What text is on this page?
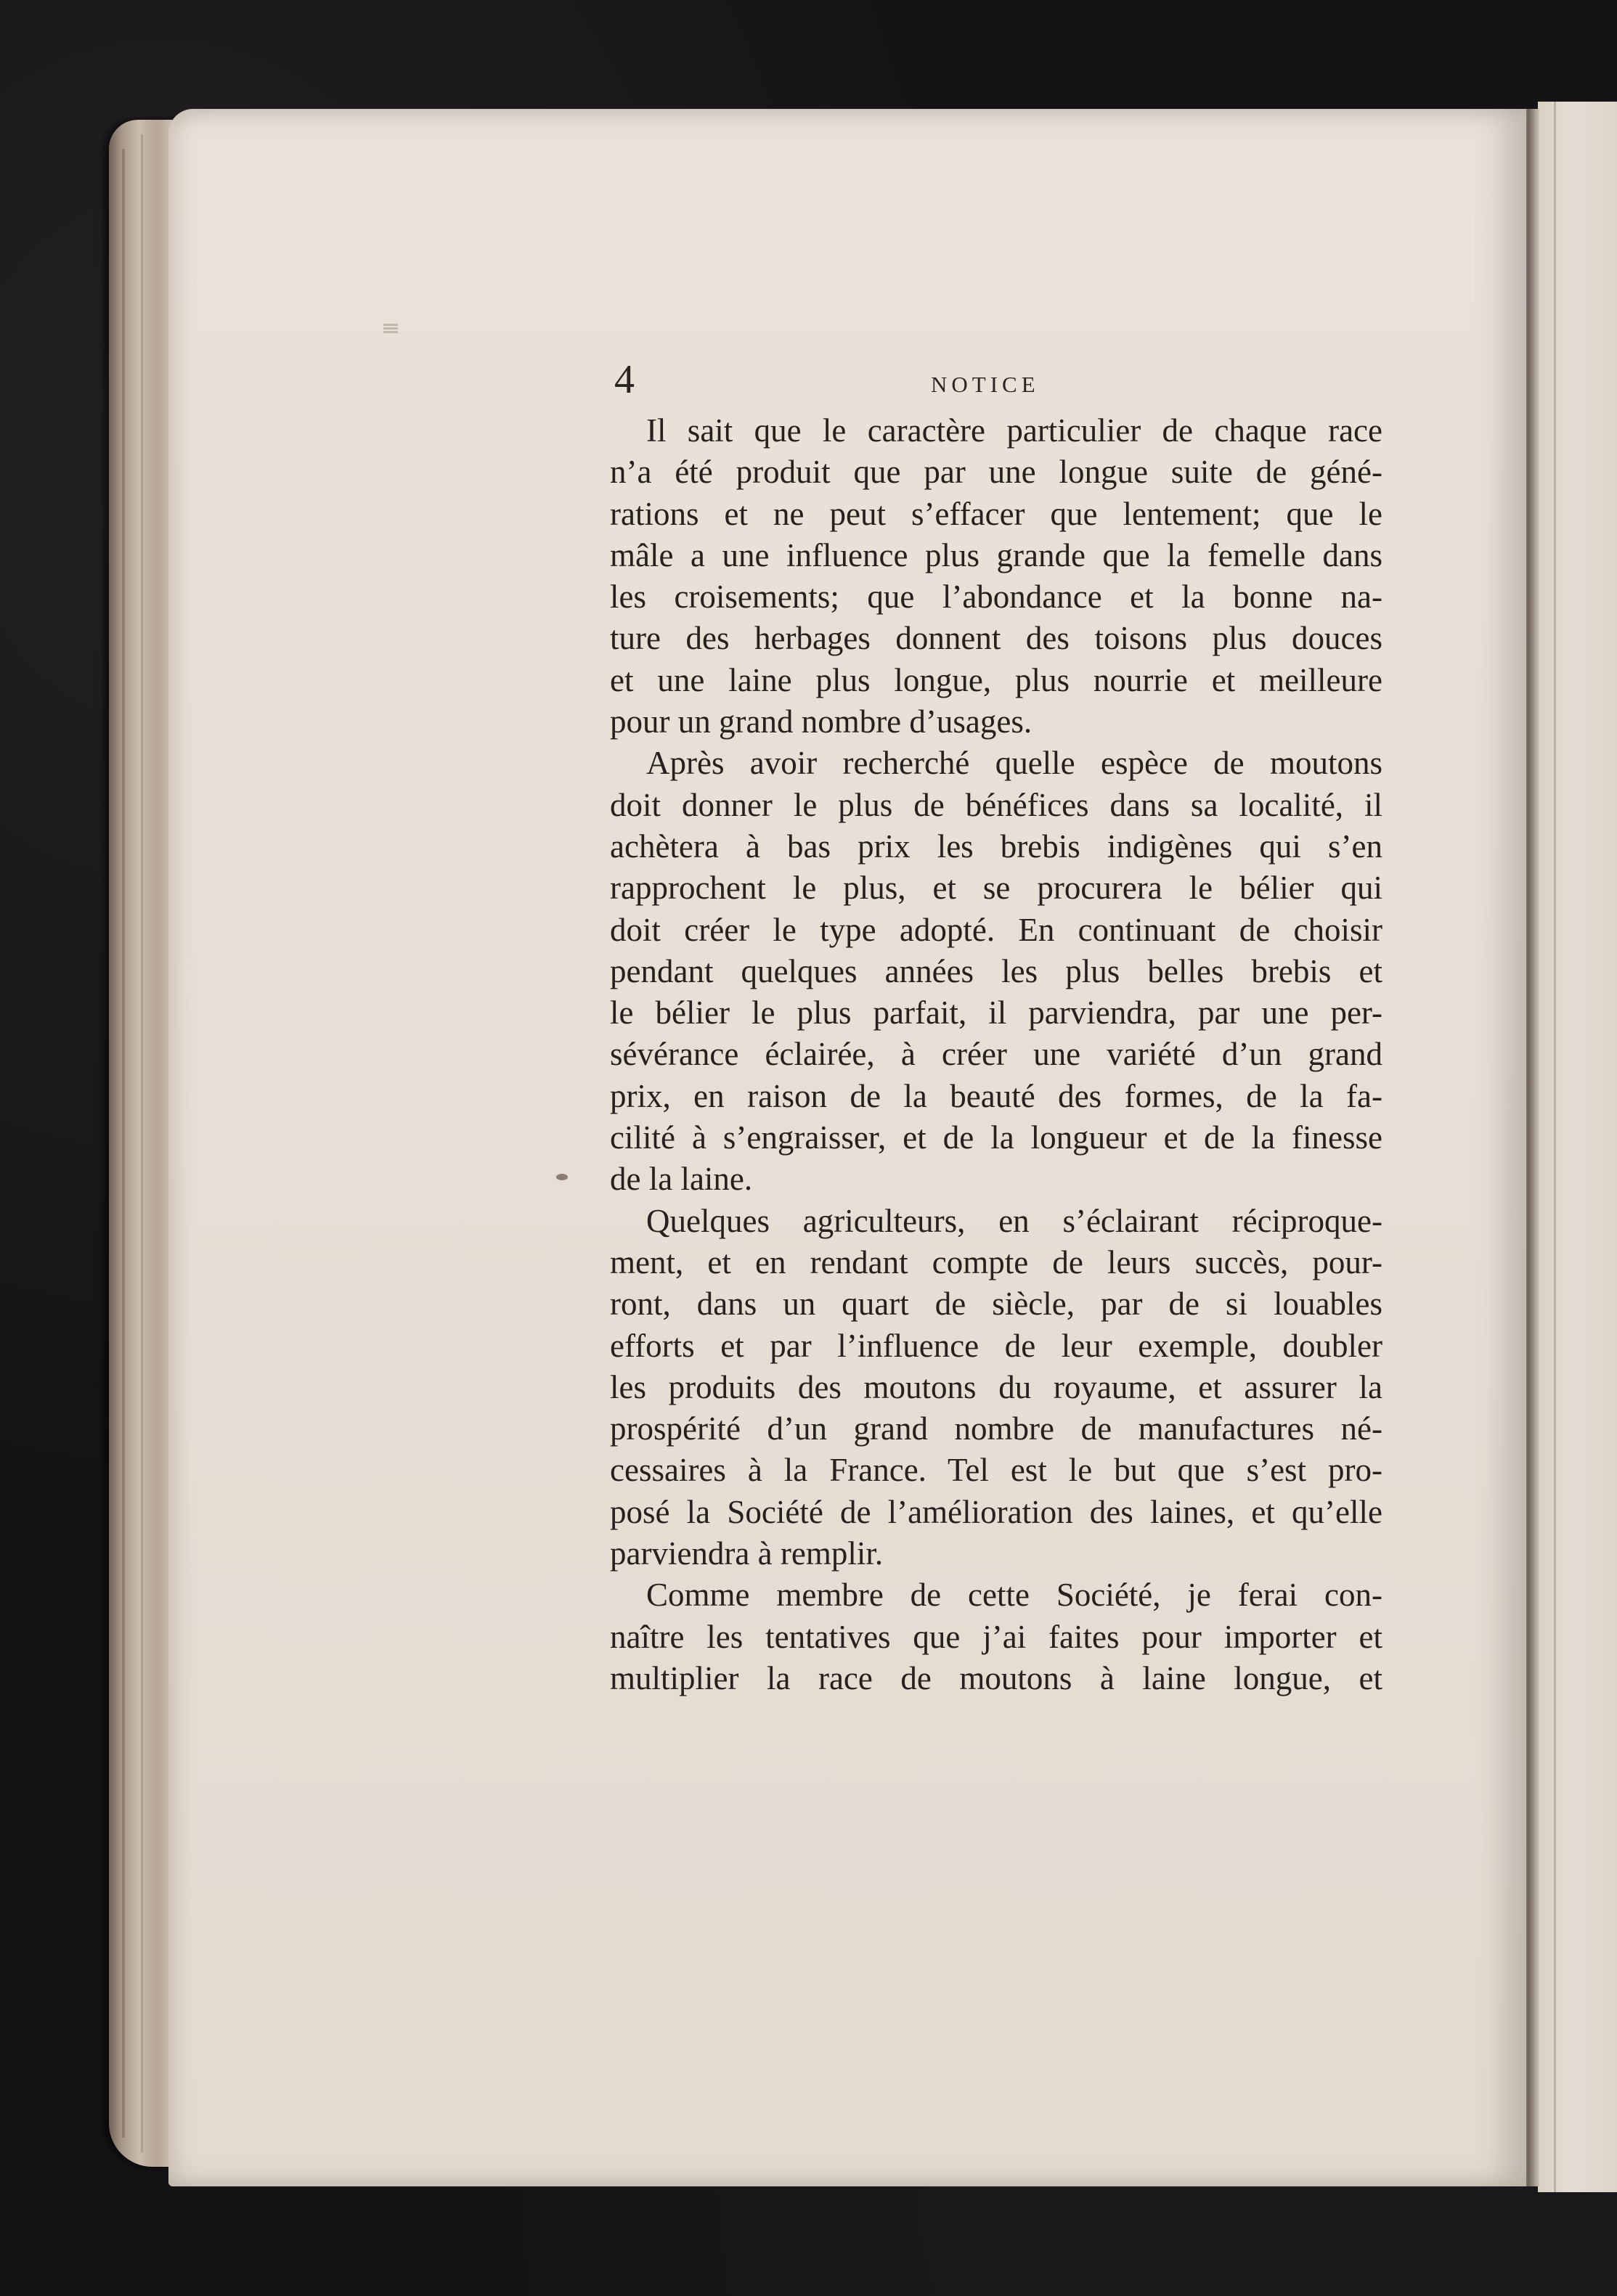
4	NOTICE
Il sait que le caractère particulier de chaque race
n’a été produit que par une longue suite de géné-
rations et ne peut s’effacer que lentement; que le
mâle a une influence plus grande que la femelle dans
les croisements; que l’abondance et la bonne na-
ture des herbages donnent des toisons plus douces
et une laine plus longue, plus nourrie et meilleure
pour un grand nombre d’usages.
Après avoir recherché quelle espèce de moutons
doit donner le plus de bénéfices dans sa localité, il
achètera à bas prix les brebis indigènes qui s’en
rapprochent le plus, et se procurera le bélier qui
doit créer le type adopté. En continuant de choisir
pendant quelques années les plus belles brebis et
le bélier le plus parfait, il parviendra, par une per-
sévérance éclairée, à créer une variété d’un grand
prix, en raison de la beauté des formes, de la fa-
cilité à s’engraisser, et de la longueur et de la finesse
de la laine.
Quelques agriculteurs, en s’éclairant réciproque-
ment, et en rendant compte de leurs succès, pour-
ront, dans un quart de siècle, par de si louables
efforts et par l’influence de leur exemple, doubler
les produits des moutons du royaume, et assurer la
prospérité d’un grand nombre de manufactures né-
cessaires à la France. Tel est le but que s’est pro-
posé la Société de l’amélioration des laines, et qu’elle
parviendra à remplir.
Comme membre de cette Société, je ferai con-
naître les tentatives que j’ai faites pour importer et
multiplier la race de moutons à laine longue, et
